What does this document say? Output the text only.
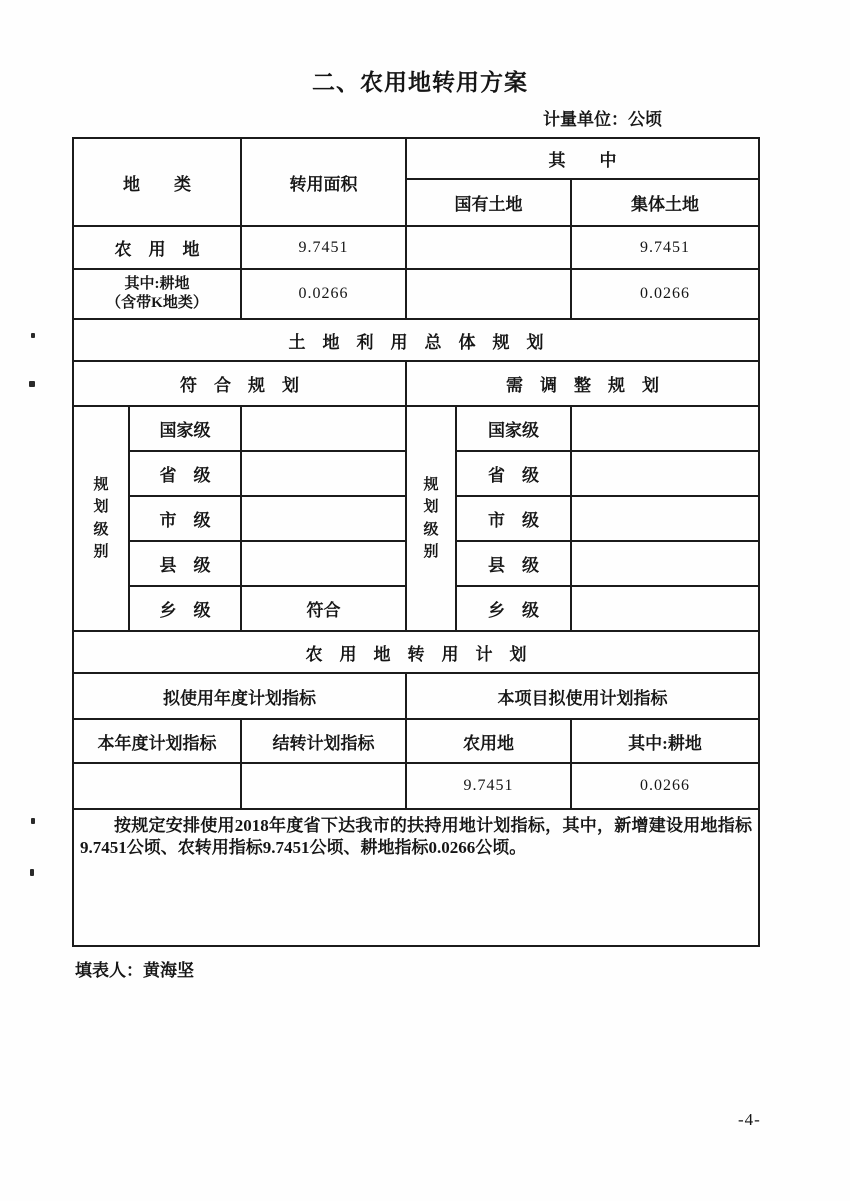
二、农用地转用方案
计量单位：公顷
地　　类		转用面积	其　　中		
			国有土地		集体土地
农　用　地		9.7451			9.7451

其中:耕地
（含带K地类）		0.0266			0.0266
土　地　利　用　总　体　规　划					
符　合　规　划			需　调　整　规　划		
规划级别	国家级		规划级别	国家级	
	省　级			省　级	
	市　级			市　级	
	县　级			县　级	
	乡　级	符合		乡　级	
农　用　地　转　用　计　划					
拟使用年度计划指标			本项目拟使用计划指标		
本年度计划指标		结转计划指标	农用地		其中:耕地
			9.7451		0.0266

按规定安排使用2018年度省下达我市的扶持用地计划指标，其中，新增建设用地指标9.7451公顷、农转用指标9.7451公顷、耕地指标0.0266公顷。					
填表人：黄海坚
-4-
